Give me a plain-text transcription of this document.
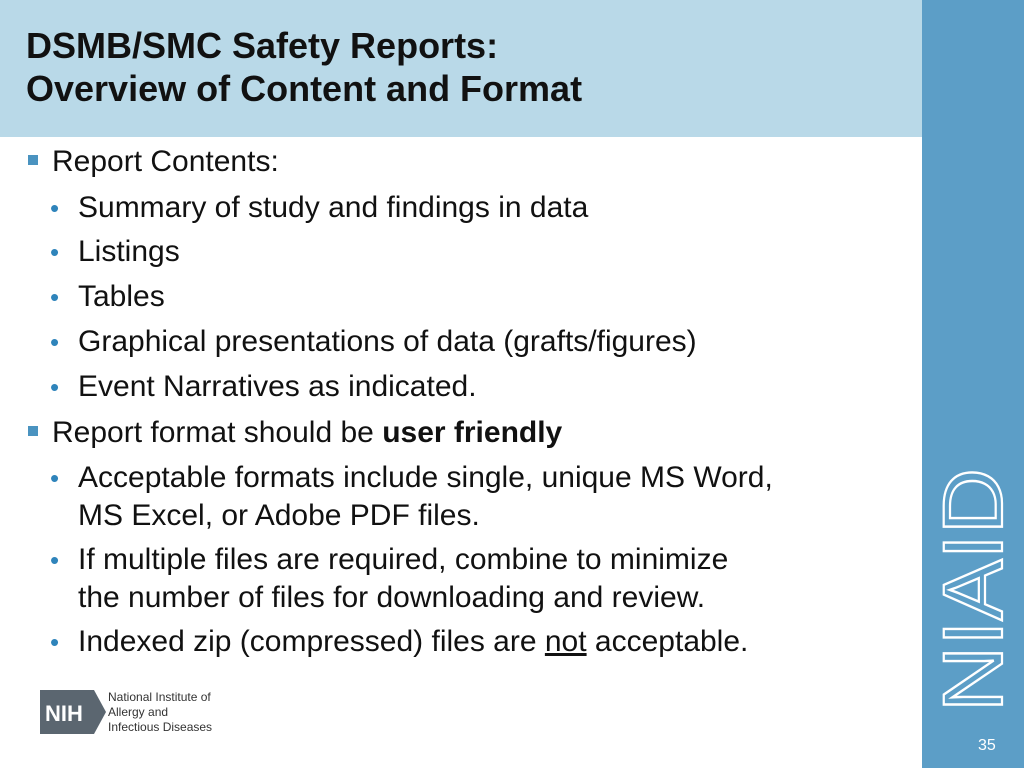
DSMB/SMC Safety Reports:
Overview of Content and Format
NIAID
35
Report Contents:
• Summary of study and findings in data
• Listings
• Tables
• Graphical presentations of data (grafts/figures)
• Event Narratives as indicated.
Report format should be user friendly
• Acceptable formats include single, unique MS Word,
MS Excel, or Adobe PDF files.
• If multiple files are required, combine to minimize
the number of files for downloading and review.
• Indexed zip (compressed) files are not acceptable.
NIH
National Institute of
Allergy and
Infectious Diseases
